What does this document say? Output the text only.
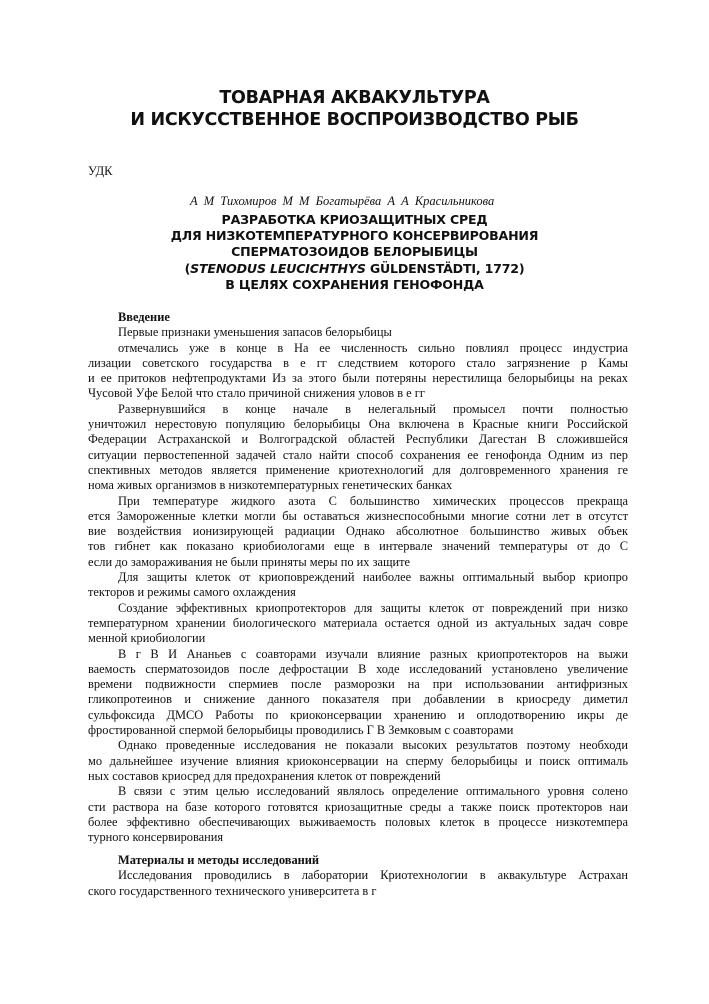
ТОВАРНАЯ АКВАКУЛЬТУРА
И ИСКУССТВЕННОЕ ВОСПРОИЗВОДСТВО РЫБ
УДК
А М Тихомиров М М Богатырёва А А Красильникова
РАЗРАБОТКА КРИОЗАЩИТНЫХ СРЕД
ДЛЯ НИЗКОТЕМПЕРАТУРНОГО КОНСЕРВИРОВАНИЯ
СПЕРМАТОЗОИДОВ БЕЛОРЫБИЦЫ
(STENODUS LEUCICHTHYS GÜLDENSTÄDTI, 1772)
В ЦЕЛЯХ СОХРАНЕНИЯ ГЕНОФОНДА
Введение
Первые признаки уменьшения запасов белорыбицы
отмечались уже в конце в На ее численность сильно повлиял процесс индустриа
лизации советского государства в е гг следствием которого стало загрязнение р Камы
и ее притоков нефтепродуктами Из за этого были потеряны нерестилища белорыбицы на реках
Чусовой Уфе Белой что стало причиной снижения уловов в е гг
Развернувшийся в конце начале в нелегальный промысел почти полностью
уничтожил нерестовую популяцию белорыбицы Она включена в Красные книги Российской
Федерации Астраханской и Волгоградской областей Республики Дагестан В сложившейся
ситуации первостепенной задачей стало найти способ сохранения ее генофонда Одним из пер
спективных методов является применение криотехнологий для долговременного хранения ге
нома живых организмов в низкотемпературных генетических банках
При температуре жидкого азота С большинство химических процессов прекраща
ется Замороженные клетки могли бы оставаться жизнеспособными многие сотни лет в отсутст
вие воздействия ионизирующей радиации Однако абсолютное большинство живых объек
тов гибнет как показано криобиологами еще в интервале значений температуры от до С
если до замораживания не были приняты меры по их защите
Для защиты клеток от криоповреждений наиболее важны оптимальный выбор криопро
текторов и режимы самого охлаждения
Создание эффективных криопротекторов для защиты клеток от повреждений при низко
температурном хранении биологического материала остается одной из актуальных задач совре
менной криобиологии
В г В И Ананьев с соавторами изучали влияние разных криопротекторов на выжи
ваемость сперматозоидов после дефростации В ходе исследований установлено увеличение
времени подвижности спермиев после разморозки на при использовании антифризных
гликопротеинов и снижение данного показателя при добавлении в криосреду диметил
сульфоксида ДМСО Работы по криоконсервации хранению и оплодотворению икры де
фростированной спермой белорыбицы проводились Г В Земковым с соавторами
Однако проведенные исследования не показали высоких результатов поэтому необходи
мо дальнейшее изучение влияния криоконсервации на сперму белорыбицы и поиск оптималь
ных составов криосред для предохранения клеток от повреждений
В связи с этим целью исследований являлось определение оптимального уровня солено
сти раствора на базе которого готовятся криозащитные среды а также поиск протекторов наи
более эффективно обеспечивающих выживаемость половых клеток в процессе низкотемпера
турного консервирования
Материалы и методы исследований
Исследования проводились в лаборатории Криотехнологии в аквакультуре Астрахан
ского государственного технического университета в г
